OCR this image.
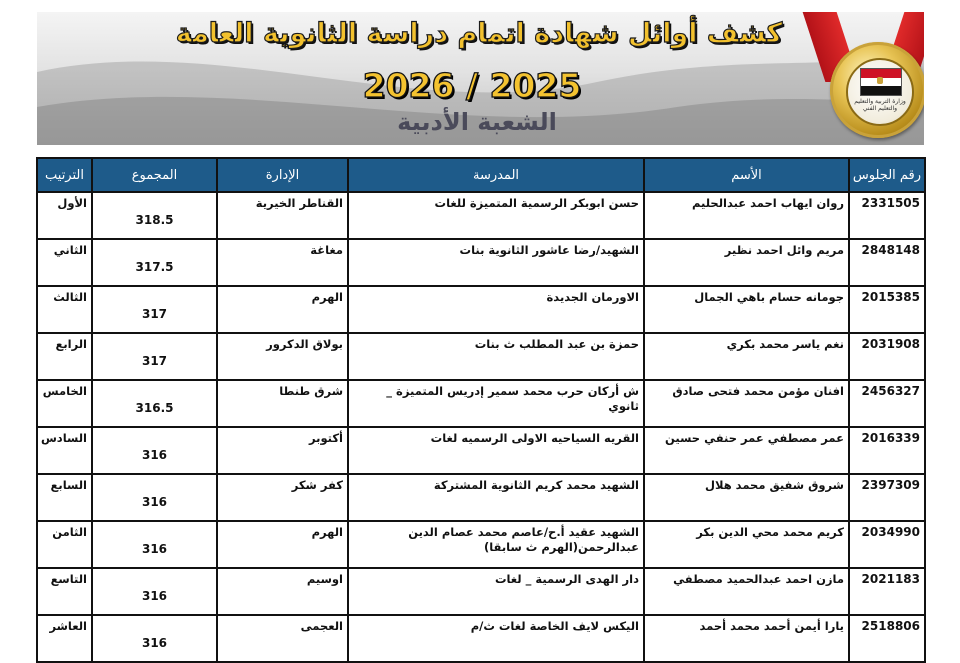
كشف أوائل شهادة اتمام دراسة الثانوية العامة
2026 / 2025
الشعبة الأدبية
وزارة التربية والتعليم والتعليم الفني
رقم الجلوس	الأسم	المدرسة	الإدارة	المجموع	الترتيب
2331505	روان ايهاب احمد عبدالحليم	حسن ابوبكر الرسمية المتميزة للغات	القناطر الخيرية	318.5	الأول
2848148	مريم وائل احمد نظير	الشهيد/رضا عاشور الثانوية بنات	مغاغة	317.5	الثاني
2015385	جومانه حسام باهي الجمال	الاورمان الجديدة	الهرم	317	الثالث
2031908	نغم ياسر محمد بكري	حمزة بن عبد المطلب ث بنات	بولاق الدكرور	317	الرابع
2456327	افنان مؤمن محمد فتحى صادق	ش أركان حرب محمد سمير إدريس المتميزة _ ثانوي	شرق طنطا	316.5	الخامس
2016339	عمر مصطفي عمر حنفي حسين	القريه السياحيه الاولى الرسميه لغات	أكتوبر	316	السادس
2397309	شروق شفيق محمد هلال	الشهيد محمد كريم الثانوية المشتركة	كفر شكر	316	السابع
2034990	كريم محمد محي الدين بكر	الشهيد عقيد أ.ح/عاصم محمد عصام الدين عبدالرحمن(الهرم ث سابقا)	الهرم	316	الثامن
2021183	مازن احمد عبدالحميد مصطفي	دار الهدى الرسمية _ لغات	اوسيم	316	التاسع
2518806	يارا أيمن أحمد محمد أحمد	اليكس لايف الخاصة لغات ث/م	العجمى	316	العاشر
